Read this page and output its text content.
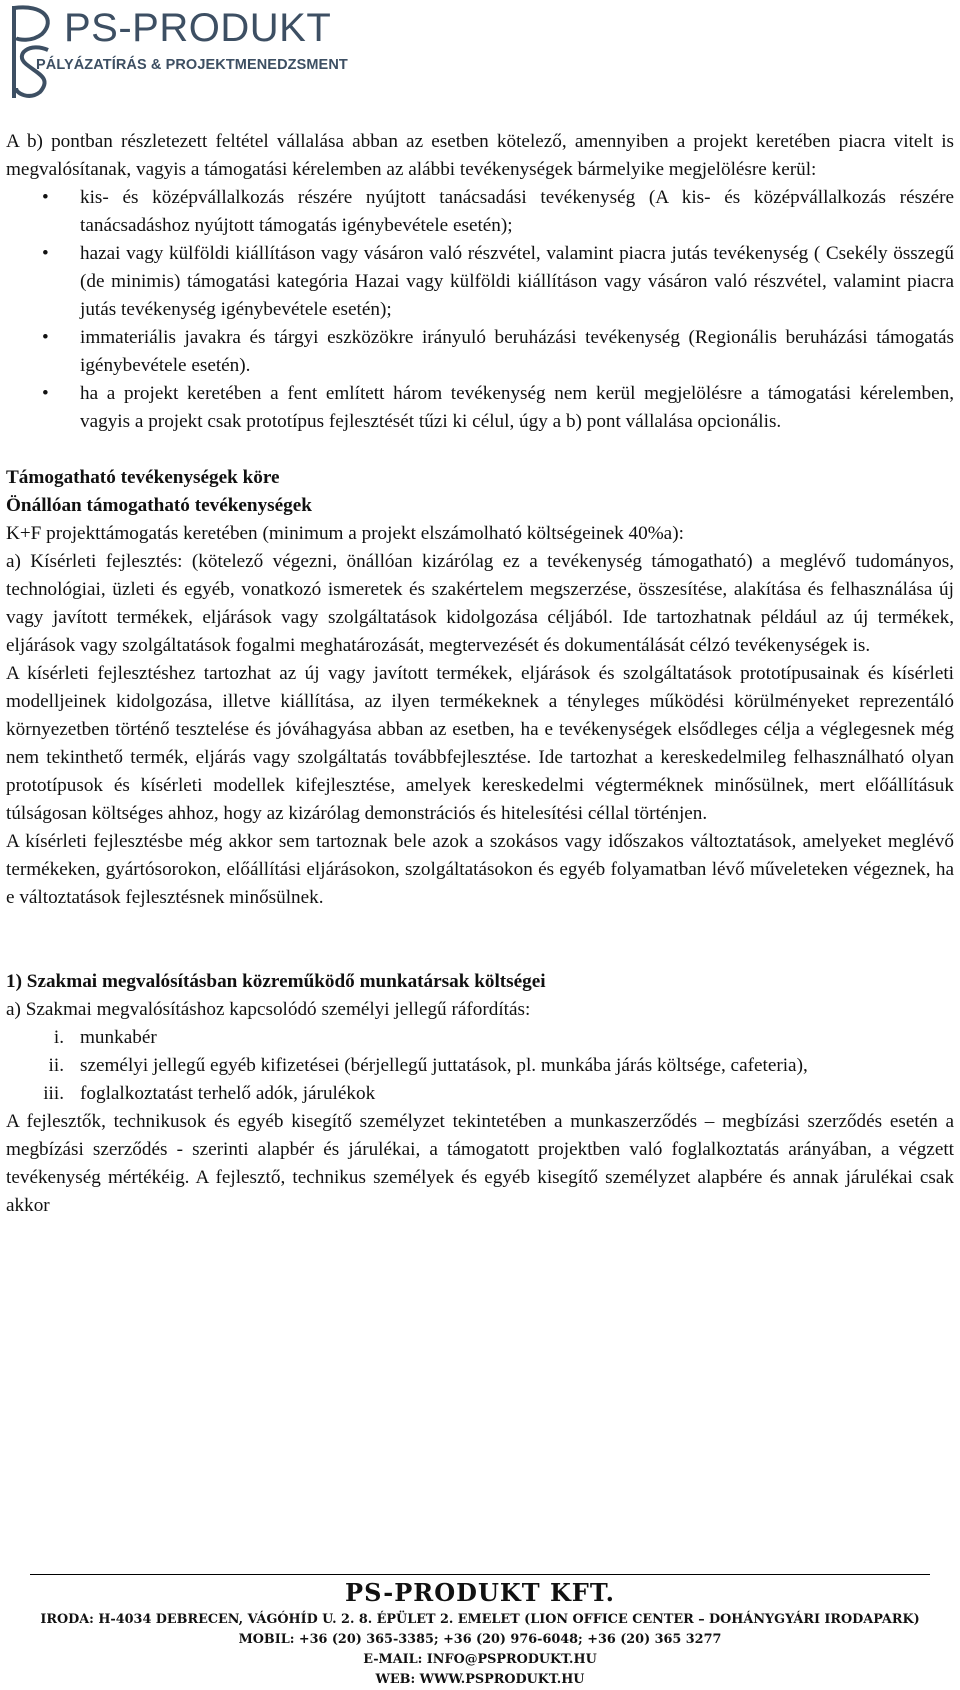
PS-PRODUKT
PÁLYÁZATÍRÁS & PROJEKTMENEDZSMENT

A b) pontban részletezett feltétel vállalása abban az esetben kötelező, amennyiben a projekt keretében piacra vitelt is megvalósítanak, vagyis a támogatási kérelemben az alábbi tevékenységek bármelyike megjelölésre kerül:

• kis- és középvállalkozás részére nyújtott tanácsadási tevékenység (A kis- és középvállalkozás részére tanácsadáshoz nyújtott támogatás igénybevétele esetén);
• hazai vagy külföldi kiállításon vagy vásáron való részvétel, valamint piacra jutás tevékenység ( Csekély összegű (de minimis) támogatási kategória Hazai vagy külföldi kiállításon vagy vásáron való részvétel, valamint piacra jutás tevékenység igénybevétele esetén);
• immateriális javakra és tárgyi eszközökre irányuló beruházási tevékenység (Regionális beruházási támogatás igénybevétele esetén).
• ha a projekt keretében a fent említett három tevékenység nem kerül megjelölésre a támogatási kérelemben, vagyis a projekt csak prototípus fejlesztését tűzi ki célul, úgy a b) pont vállalása opcionális.

Támogatható tevékenységek köre

Önállóan támogatható tevékenységek

K+F projekttámogatás keretében (minimum a projekt elszámolható költségeinek 40%a):

a) Kísérleti fejlesztés: (kötelező végezni, önállóan kizárólag ez a tevékenység támogatható) a meglévő tudományos, technológiai, üzleti és egyéb, vonatkozó ismeretek és szakértelem megszerzése, összesítése, alakítása és felhasználása új vagy javított termékek, eljárások vagy szolgáltatások kidolgozása céljából. Ide tartozhatnak például az új termékek, eljárások vagy szolgáltatások fogalmi meghatározását, megtervezését és dokumentálását célzó tevékenységek is.

A kísérleti fejlesztéshez tartozhat az új vagy javított termékek, eljárások és szolgáltatások prototípusainak és kísérleti modelljeinek kidolgozása, illetve kiállítása, az ilyen termékeknek a tényleges működési körülményeket reprezentáló környezetben történő tesztelése és jóváhagyása abban az esetben, ha e tevékenységek elsődleges célja a véglegesnek még nem tekinthető termék, eljárás vagy szolgáltatás továbbfejlesztése. Ide tartozhat a kereskedelmileg felhasználható olyan prototípusok és kísérleti modellek kifejlesztése, amelyek kereskedelmi végterméknek minősülnek, mert előállításuk túlságosan költséges ahhoz, hogy az kizárólag demonstrációs és hitelesítési céllal történjen.

A kísérleti fejlesztésbe még akkor sem tartoznak bele azok a szokásos vagy időszakos változtatások, amelyeket meglévő termékeken, gyártósorokon, előállítási eljárásokon, szolgáltatásokon és egyéb folyamatban lévő műveleteken végeznek, ha e változtatások fejlesztésnek minősülnek.

1) Szakmai megvalósításban közreműködő munkatársak költségei

a) Szakmai megvalósításhoz kapcsolódó személyi jellegű ráfordítás:

i. munkabér
ii. személyi jellegű egyéb kifizetései (bérjellegű juttatások, pl. munkába járás költsége, cafeteria),
iii. foglalkoztatást terhelő adók, járulékok

A fejlesztők, technikusok és egyéb kisegítő személyzet tekintetében a munkaszerződés – megbízási szerződés esetén a megbízási szerződés - szerinti alapbér és járulékai, a támogatott projektben való foglalkoztatás arányában, a végzett tevékenység mértékéig. A fejlesztő, technikus személyek és egyéb kisegítő személyzet alapbére és annak járulékai csak akkor

PS-PRODUKT KFT.
IRODA: H-4034 DEBRECEN, VÁGÓHÍD U. 2. 8. ÉPÜLET 2. EMELET (LION OFFICE CENTER – DOHÁNYGYÁRI IRODAPARK)
MOBIL: +36 (20) 365-3385; +36 (20) 976-6048; +36 (20) 365 3277
E-MAIL: INFO@PSPRODUKT.HU
WEB: WWW.PSPRODUKT.HU
